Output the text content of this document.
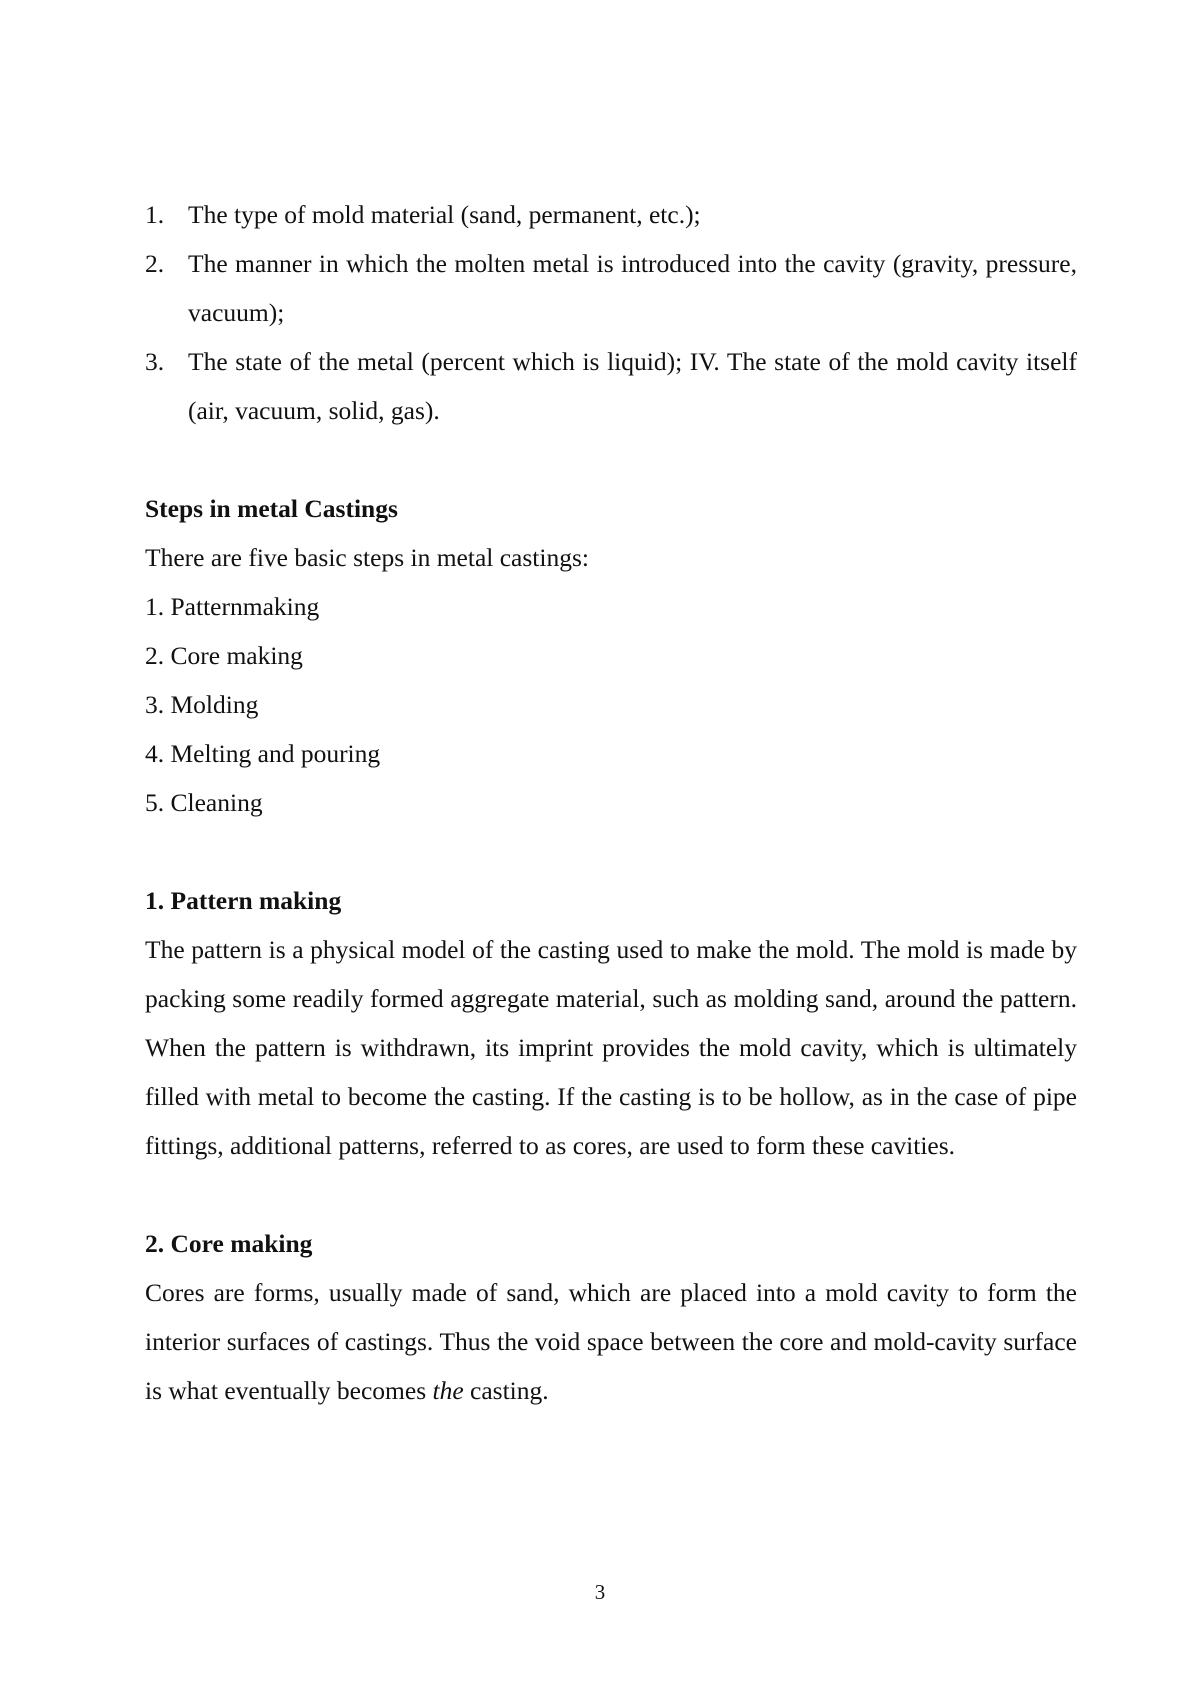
1. The type of mold material (sand, permanent, etc.);
2. The manner in which the molten metal is introduced into the cavity (gravity, pressure, vacuum);
3. The state of the metal (percent which is liquid); IV. The state of the mold cavity itself (air, vacuum, solid, gas).

Steps in metal Castings

There are five basic steps in metal castings:

1. Patternmaking
2. Core making
3. Molding
4. Melting and pouring
5. Cleaning

1. Pattern making

The pattern is a physical model of the casting used to make the mold. The mold is made by packing some readily formed aggregate material, such as molding sand, around the pattern. When the pattern is withdrawn, its imprint provides the mold cavity, which is ultimately filled with metal to become the casting. If the casting is to be hollow, as in the case of pipe fittings, additional patterns, referred to as cores, are used to form these cavities.

2. Core making

Cores are forms, usually made of sand, which are placed into a mold cavity to form the interior surfaces of castings. Thus the void space between the core and mold-cavity surface is what eventually becomes the casting.

3
